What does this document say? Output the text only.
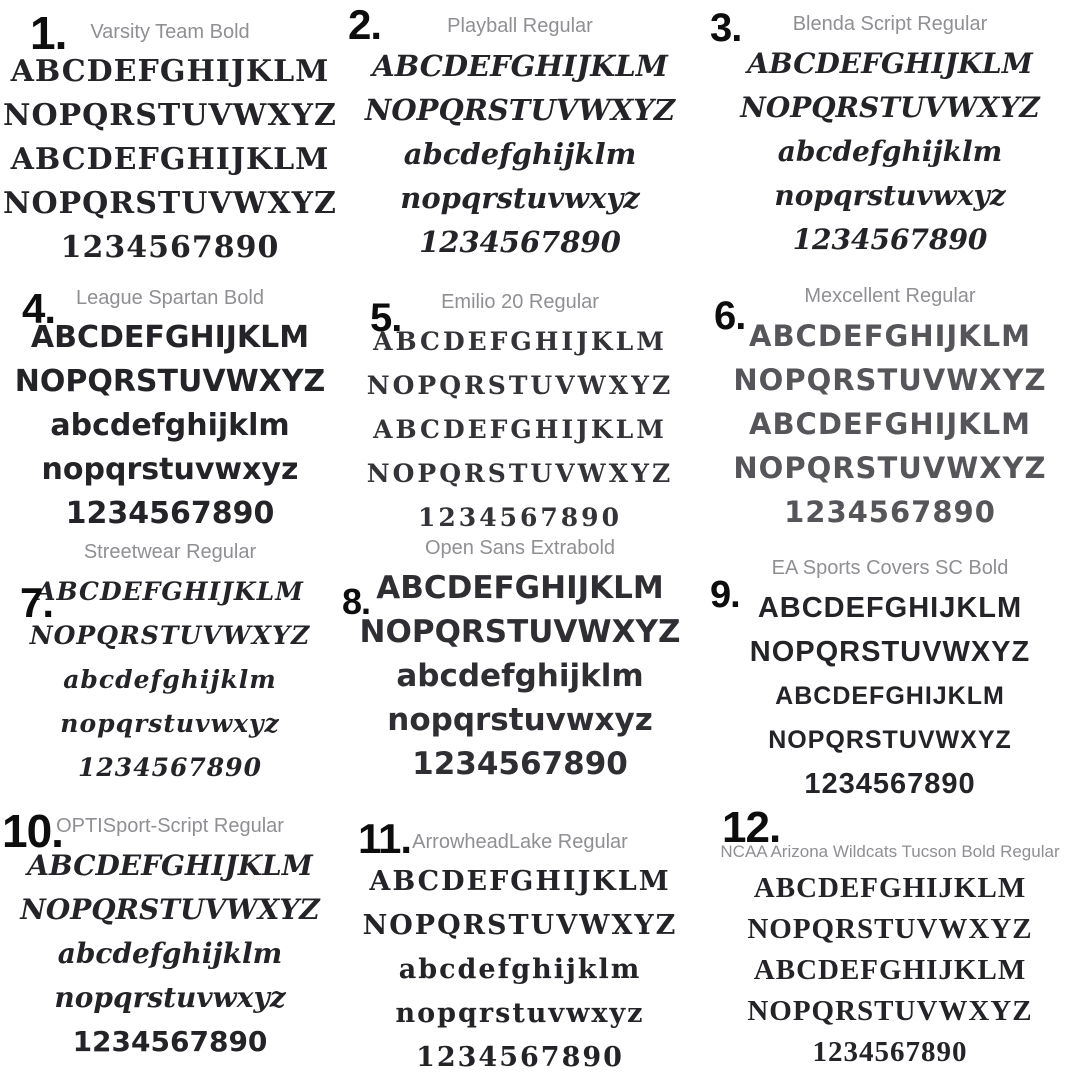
1.	Varsity Team Bold
ABCDEFGHIJKLM
NOPQRSTUVWXYZ
ABCDEFGHIJKLM
NOPQRSTUVWXYZ
1234567890
2.	Playball Regular
ABCDEFGHIJKLM
NOPQRSTUVWXYZ
abcdefghijklm
nopqrstuvwxyz
1234567890
3.	Blenda Script Regular
ABCDEFGHIJKLM
NOPQRSTUVWXYZ
abcdefghijklm
nopqrstuvwxyz
1234567890
4.	League Spartan Bold
ABCDEFGHIJKLM
NOPQRSTUVWXYZ
abcdefghijklm
nopqrstuvwxyz
1234567890
5.	Emilio 20 Regular
ABCDEFGHIJKLM
NOPQRSTUVWXYZ
ABCDEFGHIJKLM
NOPQRSTUVWXYZ
1234567890
6.	Mexcellent Regular
ABCDEFGHIJKLM
NOPQRSTUVWXYZ
ABCDEFGHIJKLM
NOPQRSTUVWXYZ
1234567890
7.
Streetwear Regular
ABCDEFGHIJKLM
NOPQRSTUVWXYZ
abcdefghijklm
nopqrstuvwxyz
1234567890
8.
Open Sans Extrabold
ABCDEFGHIJKLM
NOPQRSTUVWXYZ
abcdefghijklm
nopqrstuvwxyz
1234567890
9.
EA Sports Covers SC Bold
ABCDEFGHIJKLM
NOPQRSTUVWXYZ
ABCDEFGHIJKLM
NOPQRSTUVWXYZ
1234567890
10.
OPTISport-Script Regular
ABCDEFGHIJKLM
NOPQRSTUVWXYZ
abcdefghijklm
nopqrstuvwxyz
1234567890
11. ArrowheadLake Regular
ABCDEFGHIJKLM
NOPQRSTUVWXYZ
abcdefghijklm
nopqrstuvwxyz
1234567890
12.
NCAA Arizona Wildcats Tucson Bold Regular
ABCDEFGHIJKLM
NOPQRSTUVWXYZ
ABCDEFGHIJKLM
NOPQRSTUVWXYZ
1234567890
